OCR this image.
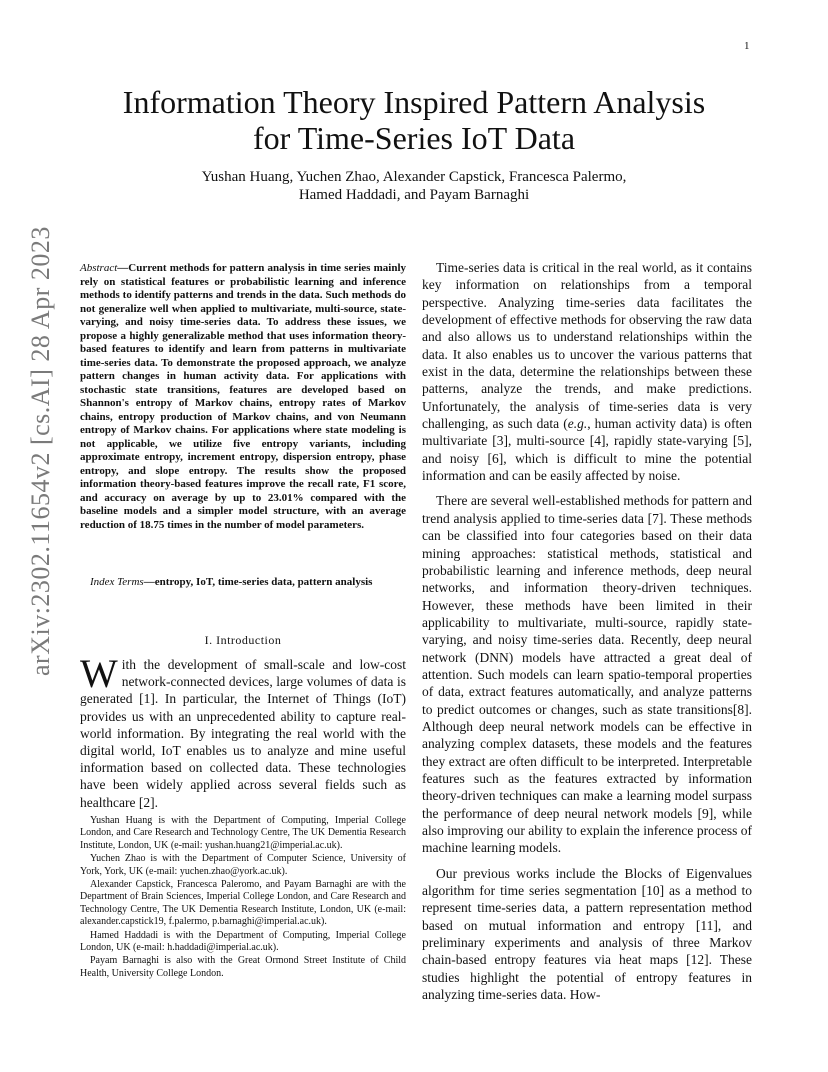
1
arXiv:2302.11654v2 [cs.AI] 28 Apr 2023
Information Theory Inspired Pattern Analysis
for Time-Series IoT Data
Yushan Huang, Yuchen Zhao, Alexander Capstick, Francesca Palermo,
Hamed Haddadi, and Payam Barnaghi

Abstract—Current methods for pattern analysis in time series mainly rely on statistical features or probabilistic learning and inference methods to identify patterns and trends in the data. Such methods do not generalize well when applied to multivariate, multi-source, state-varying, and noisy time-series data. To address these issues, we propose a highly generalizable method that uses information theory-based features to identify and learn from patterns in multivariate time-series data. To demonstrate the proposed approach, we analyze pattern changes in human activity data. For applications with stochastic state transitions, features are developed based on Shannon's entropy of Markov chains, entropy rates of Markov chains, entropy production of Markov chains, and von Neumann entropy of Markov chains. For applications where state modeling is not applicable, we utilize five entropy variants, including approximate entropy, increment entropy, dispersion entropy, phase entropy, and slope entropy. The results show the proposed information theory-based features improve the recall rate, F1 score, and accuracy on average by up to 23.01% compared with the baseline models and a simpler model structure, with an average reduction of 18.75 times in the number of model parameters.

Index Terms—entropy, IoT, time-series data, pattern analysis

I. Introduction

With the development of small-scale and low-cost network-connected devices, large volumes of data is generated [1]. In particular, the Internet of Things (IoT) provides us with an unprecedented ability to capture real-world information. By integrating the real world with the digital world, IoT enables us to analyze and mine useful information based on collected data. These technologies have been widely applied across several fields such as healthcare [2].

Yushan Huang is with the Department of Computing, Imperial College London, and Care Research and Technology Centre, The UK Dementia Research Institute, London, UK (e-mail: yushan.huang21@imperial.ac.uk).

Yuchen Zhao is with the Department of Computer Science, University of York, York, UK (e-mail: yuchen.zhao@york.ac.uk).

Alexander Capstick, Francesca Paleromo, and Payam Barnaghi are with the Department of Brain Sciences, Imperial College London, and Care Research and Technology Centre, The UK Dementia Research Institute, London, UK (e-mail: alexander.capstick19, f.palermo, p.barnaghi@imperial.ac.uk).

Hamed Haddadi is with the Department of Computing, Imperial College London, UK (e-mail: h.haddadi@imperial.ac.uk).

Payam Barnaghi is also with the Great Ormond Street Institute of Child Health, University College London.

Time-series data is critical in the real world, as it contains key information on relationships from a temporal perspective. Analyzing time-series data facilitates the development of effective methods for observing the raw data and also allows us to understand relationships within the data. It also enables us to uncover the various patterns that exist in the data, determine the relationships between these patterns, analyze the trends, and make predictions. Unfortunately, the analysis of time-series data is very challenging, as such data (e.g., human activity data) is often multivariate [3], multi-source [4], rapidly state-varying [5], and noisy [6], which is difficult to mine the potential information and can be easily affected by noise.

There are several well-established methods for pattern and trend analysis applied to time-series data [7]. These methods can be classified into four categories based on their data mining approaches: statistical methods, statistical and probabilistic learning and inference methods, deep neural networks, and information theory-driven techniques. However, these methods have been limited in their applicability to multivariate, multi-source, rapidly state-varying, and noisy time-series data. Recently, deep neural network (DNN) models have attracted a great deal of attention. Such models can learn spatio-temporal properties of data, extract features automatically, and analyze patterns to predict outcomes or changes, such as state transitions[8]. Although deep neural network models can be effective in analyzing complex datasets, these models and the features they extract are often difficult to be interpreted. Interpretable features such as the features extracted by information theory-driven techniques can make a learning model surpass the performance of deep neural network models [9], while also improving our ability to explain the inference process of machine learning models.

Our previous works include the Blocks of Eigenvalues algorithm for time series segmentation [10] as a method to represent time-series data, a pattern representation method based on mutual information and entropy [11], and preliminary experiments and analysis of three Markov chain-based entropy features via heat maps [12]. These studies highlight the potential of entropy features in analyzing time-series data. How-
